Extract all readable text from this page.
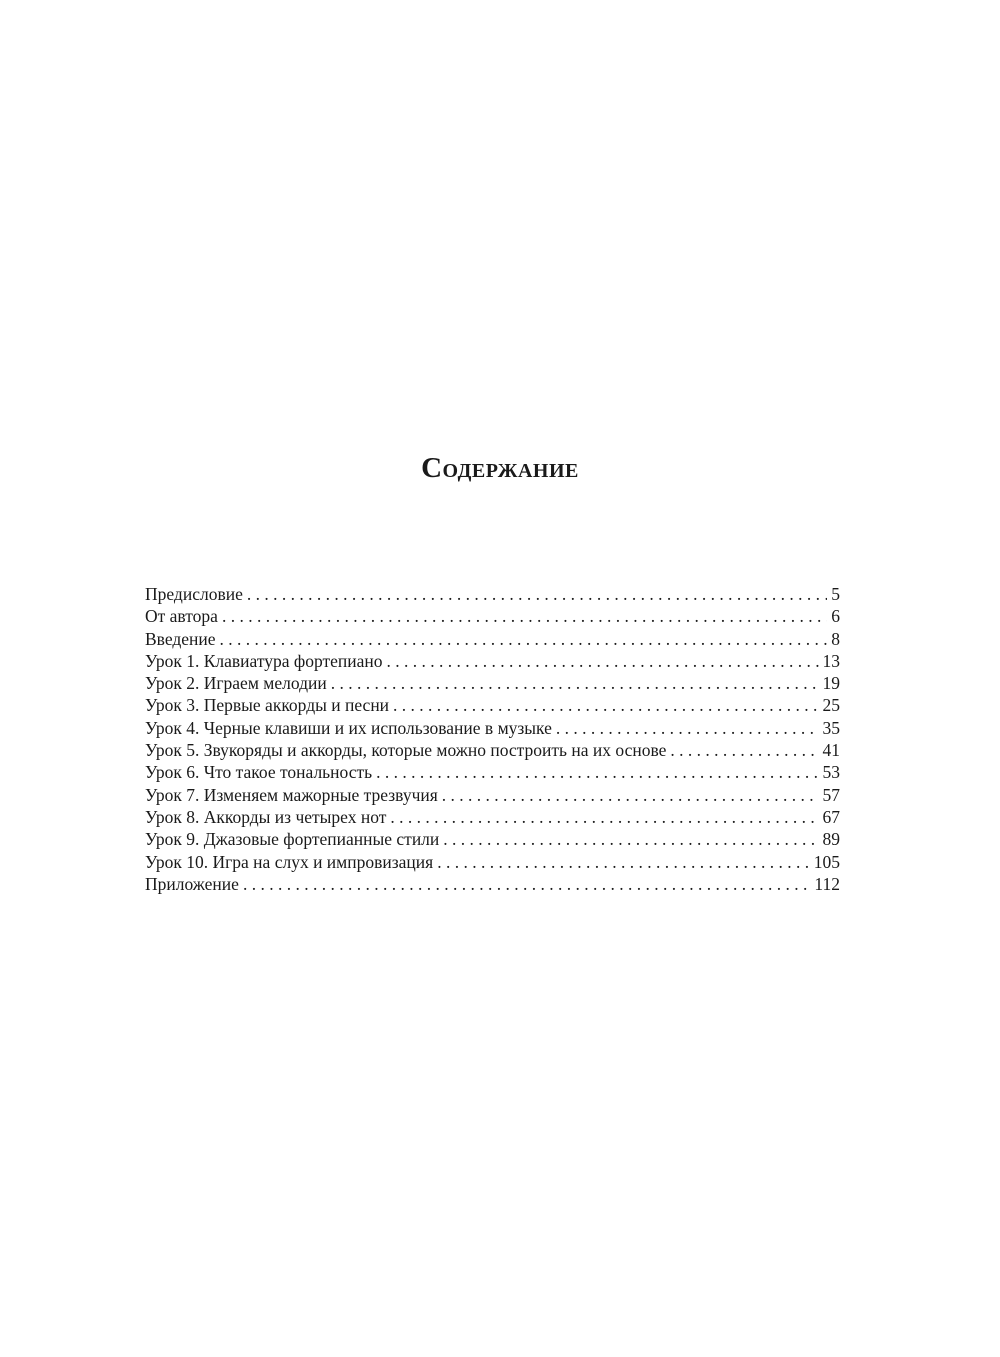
Содержание
Предисловие . . .	5
От автора . . .	6
Введение . . .	8
Урок 1. Клавиатура фортепиано . . .	13
Урок 2. Играем мелодии . . .	19
Урок 3. Первые аккорды и песни . . .	25
Урок 4. Черные клавиши и их использование в музыке . . .	35
Урок 5. Звукоряды и аккорды, которые можно построить на их основе . . .	41
Урок 6. Что такое тональность . . .	53
Урок 7. Изменяем мажорные трезвучия . . .	57
Урок 8. Аккорды из четырех нот . . .	67
Урок 9. Джазовые фортепианные стили . . .	89
Урок 10. Игра на слух и импровизация . . .	105
Приложение . . .	112
